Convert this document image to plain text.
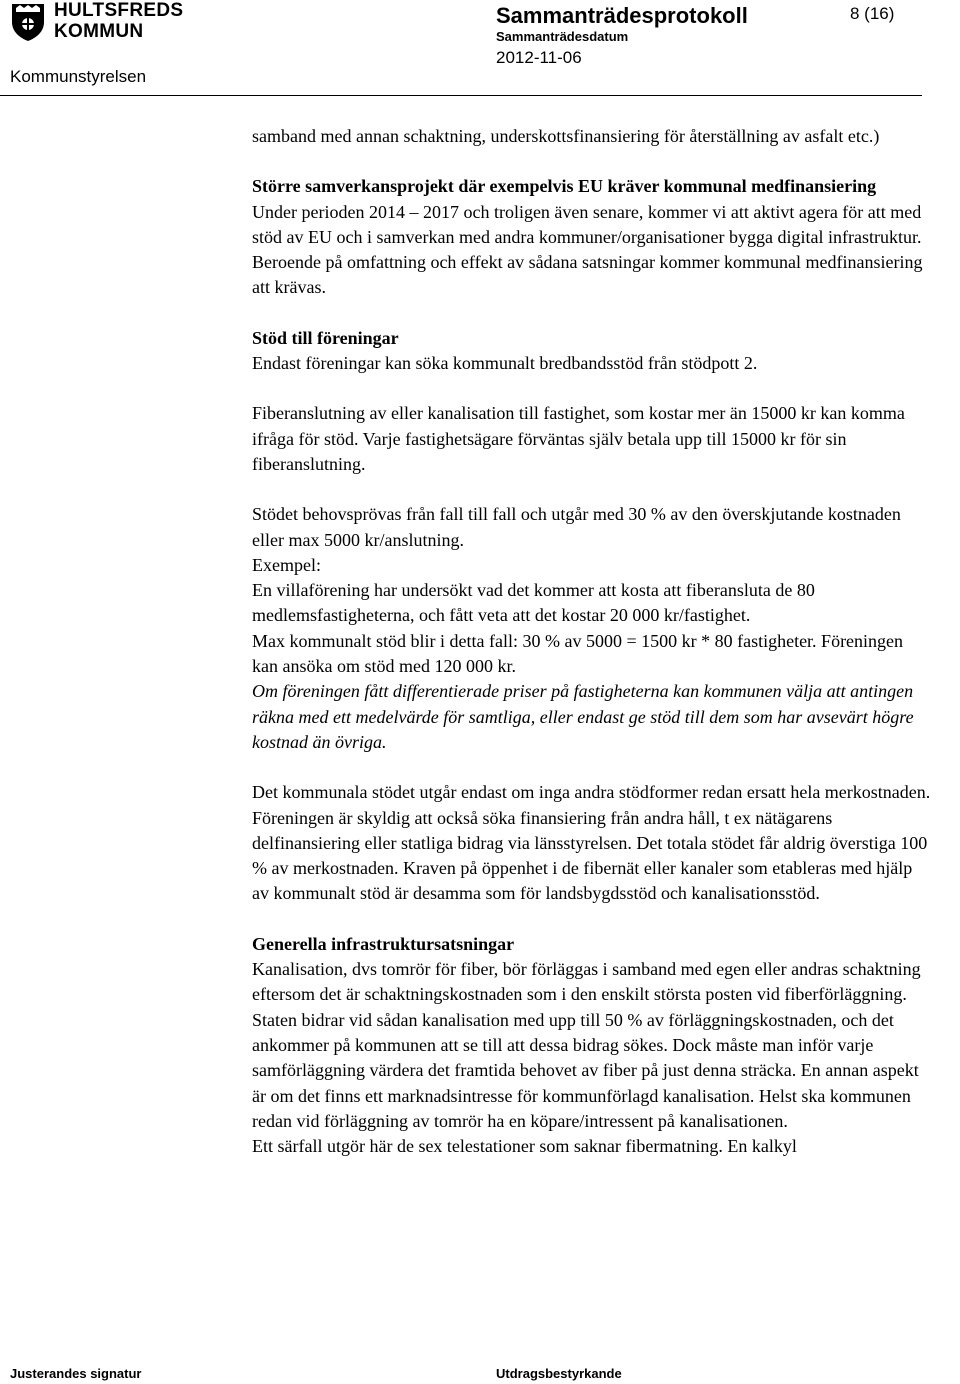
HULTSFREDS
KOMMUN
Kommunstyrelsen
Sammanträdesprotokoll
Sammanträdesdatum
2012-11-06
8 (16)

samband med annan schaktning, underskottsfinansiering för återställning av asfalt etc.)

Större samverkansprojekt där exempelvis EU kräver kommunal medfinansiering

Under perioden 2014 – 2017 och troligen även senare, kommer vi att aktivt agera för att med stöd av EU och i samverkan med andra kommuner/organisationer bygga digital infrastruktur. Beroende på omfattning och effekt av sådana satsningar kommer kommunal medfinansiering att krävas.

Stöd till föreningar

Endast föreningar kan söka kommunalt bredbandsstöd från stödpott 2.

Fiberanslutning av eller kanalisation till fastighet, som kostar mer än 15000 kr kan komma ifråga för stöd. Varje fastighetsägare förväntas själv betala upp till 15000 kr för sin fiberanslutning.

Stödet behovsprövas från fall till fall och utgår med 30 % av den överskjutande kostnaden eller max 5000 kr/anslutning.

Exempel:

En villaförening har undersökt vad det kommer att kosta att fiberansluta de 80 medlemsfastigheterna, och fått veta att det kostar 20 000 kr/fastighet.

Max kommunalt stöd blir i detta fall: 30 % av 5000 = 1500 kr * 80 fastigheter. Föreningen kan ansöka om stöd med 120 000 kr.

Om föreningen fått differentierade priser på fastigheterna kan kommunen välja att antingen räkna med ett medelvärde för samtliga, eller endast ge stöd till dem som har avsevärt högre kostnad än övriga.

Det kommunala stödet utgår endast om inga andra stödformer redan ersatt hela merkostnaden. Föreningen är skyldig att också söka finansiering från andra håll, t ex nätägarens delfinansiering eller statliga bidrag via länsstyrelsen. Det totala stödet får aldrig överstiga 100 % av merkostnaden. Kraven på öppenhet i de fibernät eller kanaler som etableras med hjälp av kommunalt stöd är desamma som för landsbygdsstöd och kanalisationsstöd.

Generella infrastruktursatsningar

Kanalisation, dvs tomrör för fiber, bör förläggas i samband med egen eller andras schaktning eftersom det är schaktningskostnaden som i den enskilt största posten vid fiberförläggning.

Staten bidrar vid sådan kanalisation med upp till 50 % av förläggningskostnaden, och det ankommer på kommunen att se till att dessa bidrag sökes. Dock måste man inför varje samförläggning värdera det framtida behovet av fiber på just denna sträcka. En annan aspekt är om det finns ett marknadsintresse för kommunförlagd kanalisation. Helst ska kommunen redan vid förläggning av tomrör ha en köpare/intressent på kanalisationen.

Ett särfall utgör här de sex telestationer som saknar fibermatning. En kalkyl

Justerandes signatur	Utdragsbestyrkande
